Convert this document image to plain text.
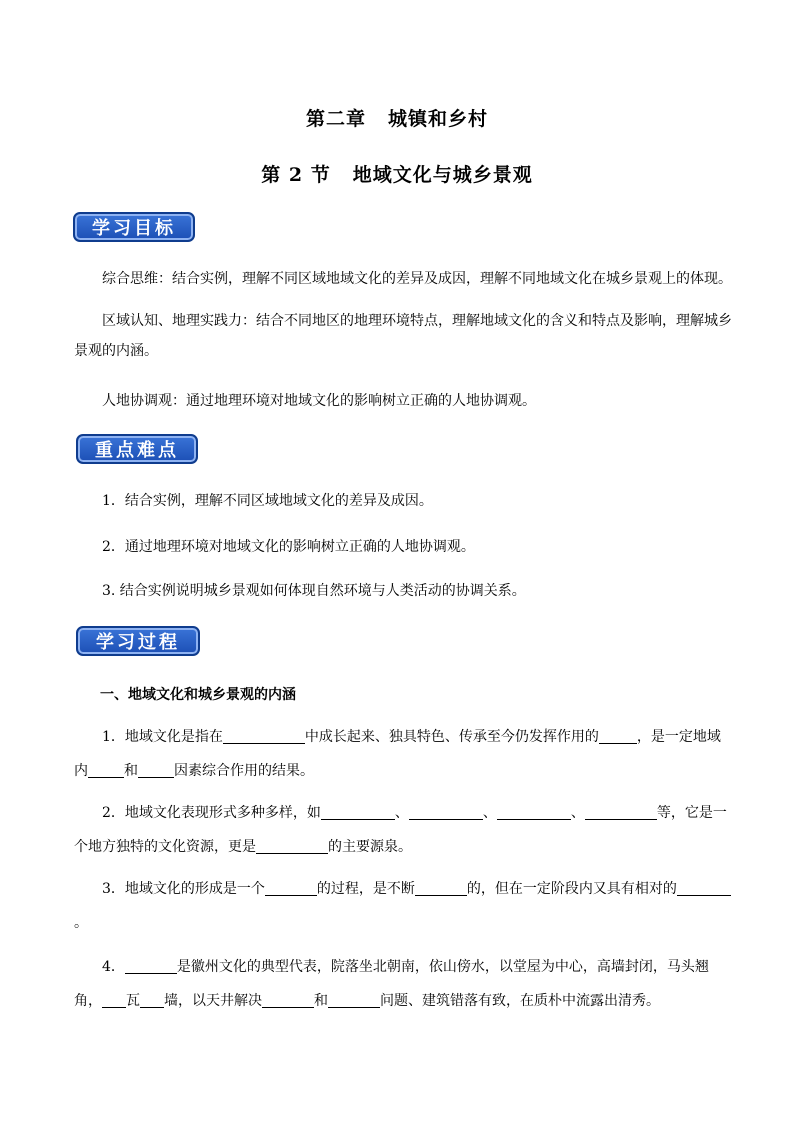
第二章 城镇和乡村
第 2 节 地域文化与城乡景观
学习目标
综合思维：结合实例，理解不同区域地域文化的差异及成因，理解不同地域文化在城乡景观上的体现。
区域认知、地理实践力：结合不同地区的地理环境特点，理解地域文化的含义和特点及影响，理解城乡景观的内涵。
人地协调观：通过地理环境对地域文化的影响树立正确的人地协调观。
重点难点
1．结合实例，理解不同区域地域文化的差异及成因。
2．通过地理环境对地域文化的影响树立正确的人地协调观。
3. 结合实例说明城乡景观如何体现自然环境与人类活动的协调关系。
学习过程
一、地域文化和城乡景观的内涵
1．地域文化是指在	中成长起来、独具特色、传承至今仍发挥作用的	，是一定地域内	和	因素综合作用的结果。
2．地域文化表现形式多种多样，如	、	、	、	等，它是一个地方独特的文化资源，更是	的主要源泉。
3．地域文化的形成是一个	的过程，是不断	的，但在一定阶段内又具有相对的。
4．	是徽州文化的典型代表，院落坐北朝南，依山傍水，以堂屋为中心，高墙封闭，马头翘角， 瓦 墙，以天井解决	和	问题、建筑错落有致，在质朴中流露出清秀。
